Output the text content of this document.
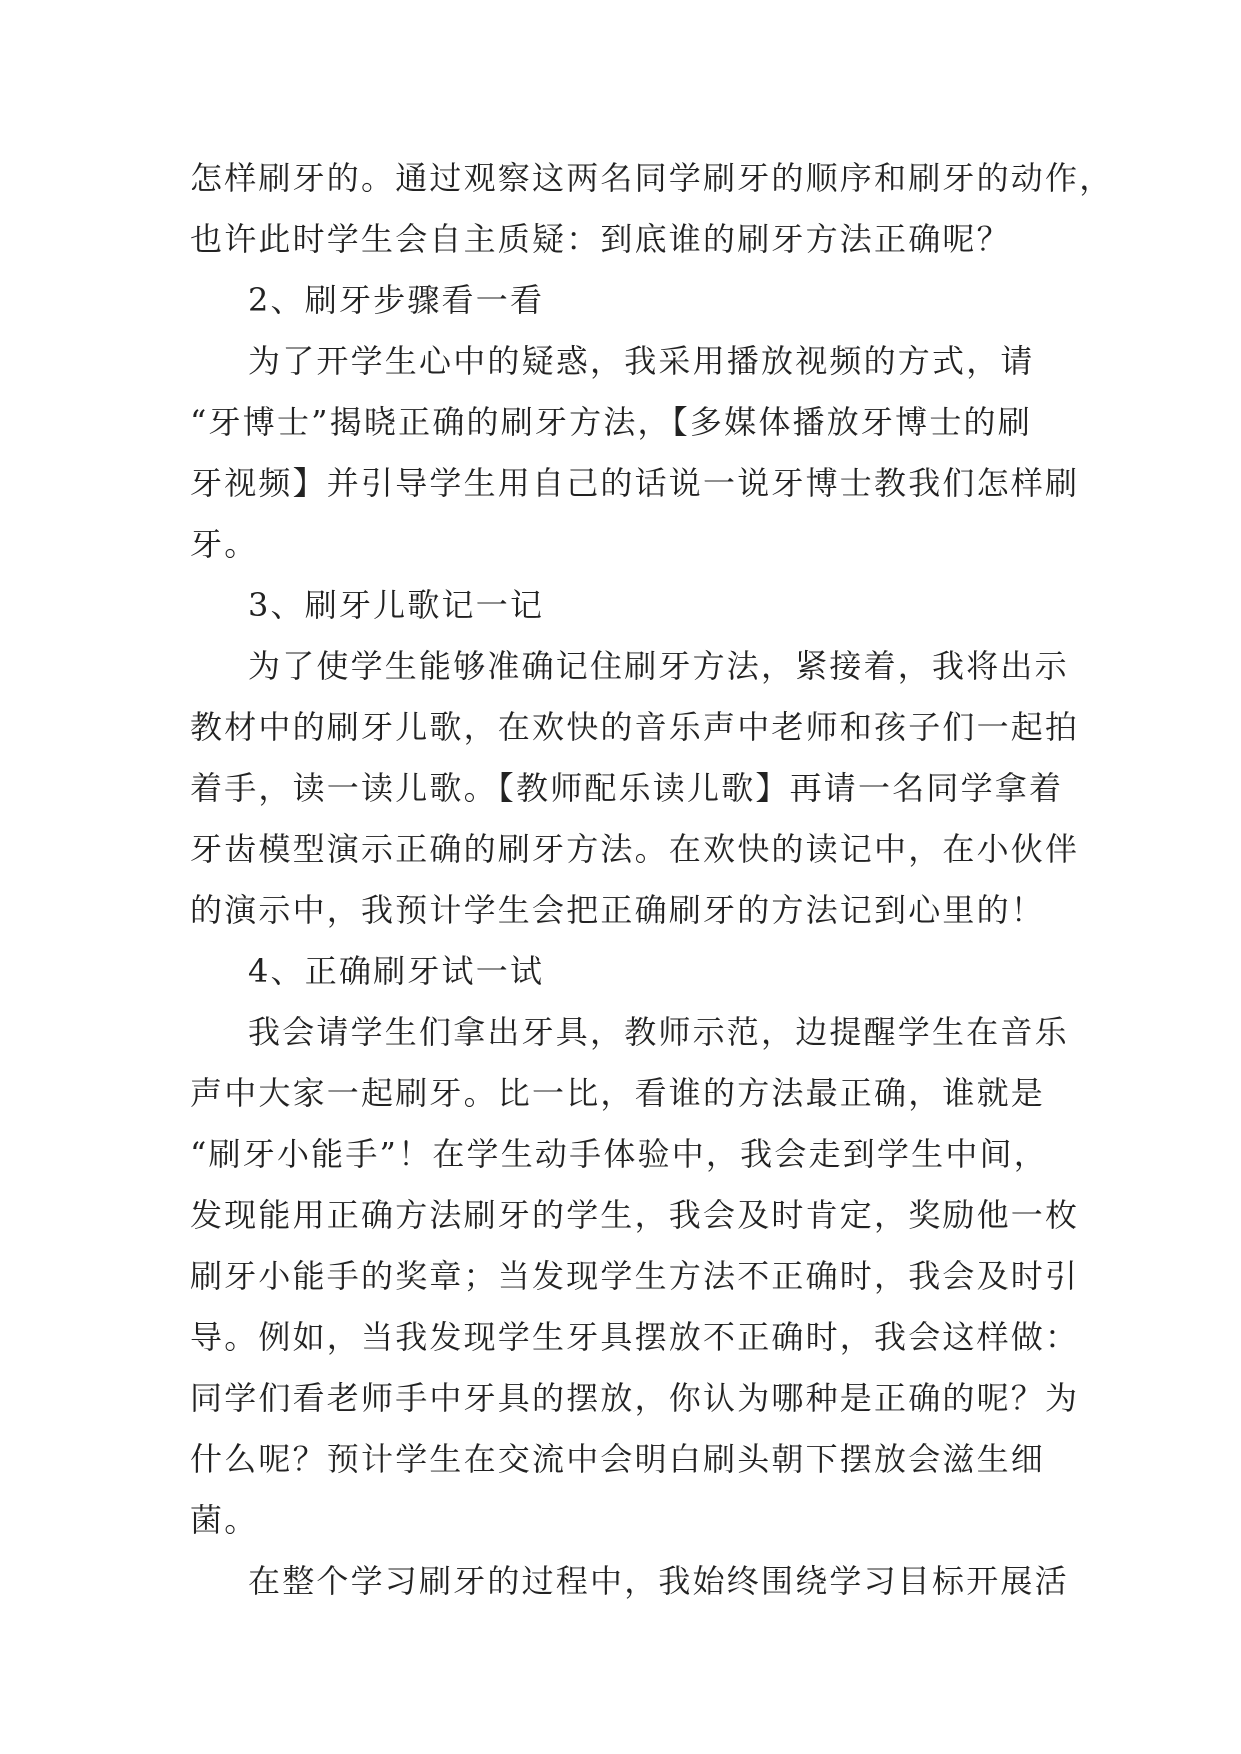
怎样刷牙的。通过观察这两名同学刷牙的顺序和刷牙的动作，
也许此时学生会自主质疑：到底谁的刷牙方法正确呢？
2、刷牙步骤看一看
为了开学生心中的疑惑，我采用播放视频的方式，请
“牙博士”揭晓正确的刷牙方法，【多媒体播放牙博士的刷
牙视频】并引导学生用自己的话说一说牙博士教我们怎样刷
牙。
3、刷牙儿歌记一记
为了使学生能够准确记住刷牙方法，紧接着，我将出示
教材中的刷牙儿歌，在欢快的音乐声中老师和孩子们一起拍
着手，读一读儿歌。【教师配乐读儿歌】再请一名同学拿着
牙齿模型演示正确的刷牙方法。在欢快的读记中，在小伙伴
的演示中，我预计学生会把正确刷牙的方法记到心里的！
4、正确刷牙试一试
我会请学生们拿出牙具，教师示范，边提醒学生在音乐
声中大家一起刷牙。比一比，看谁的方法最正确，谁就是
“刷牙小能手”！在学生动手体验中，我会走到学生中间，
发现能用正确方法刷牙的学生，我会及时肯定，奖励他一枚
刷牙小能手的奖章；当发现学生方法不正确时，我会及时引
导。例如，当我发现学生牙具摆放不正确时，我会这样做：
同学们看老师手中牙具的摆放，你认为哪种是正确的呢？为
什么呢？预计学生在交流中会明白刷头朝下摆放会滋生细
菌。
在整个学习刷牙的过程中，我始终围绕学习目标开展活
